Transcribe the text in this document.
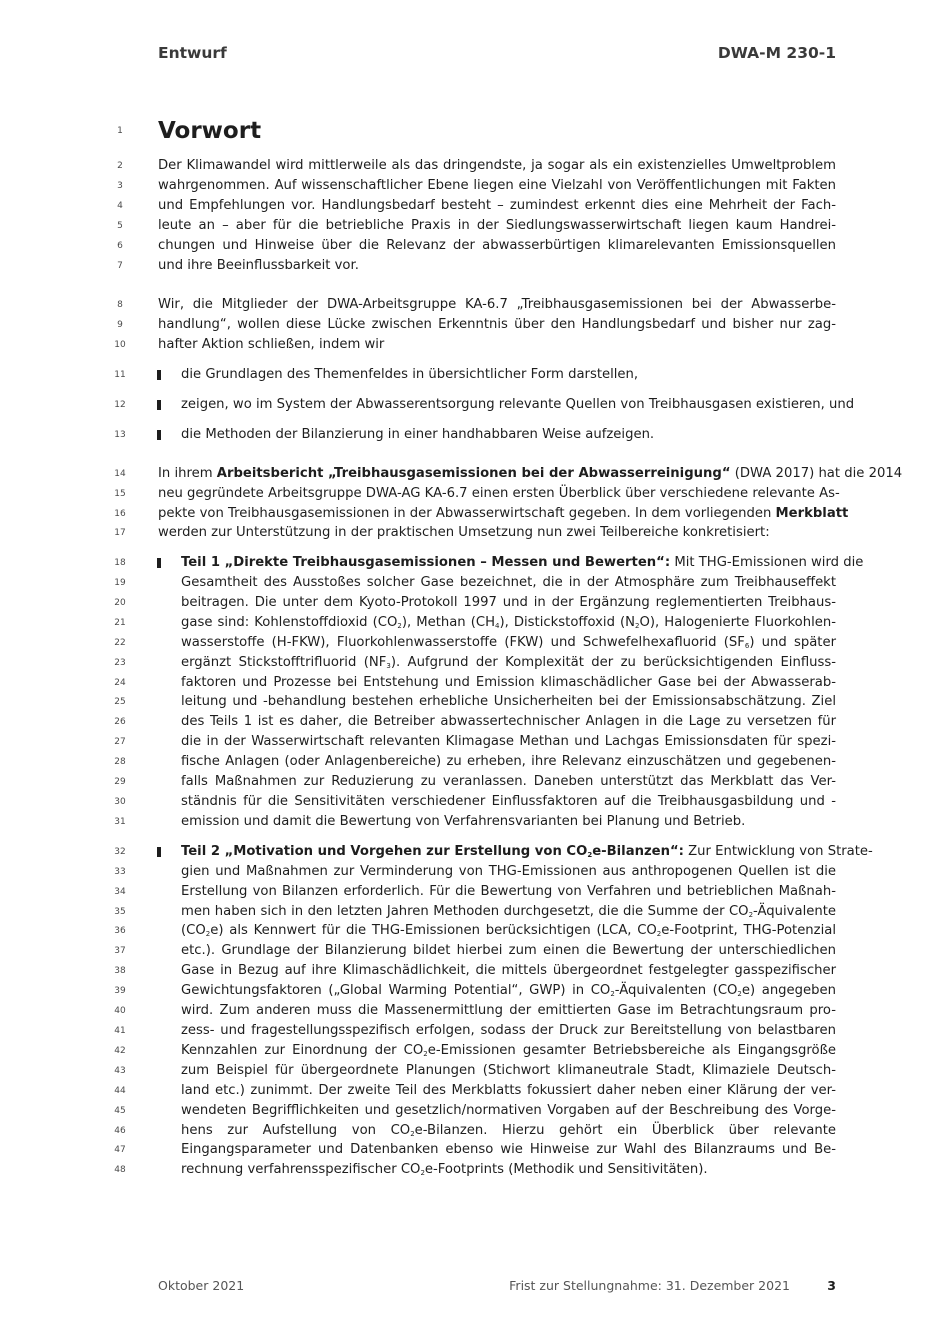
Entwurf	DWA-M 230-1
1
2
3
4
5
6
7
8
9
10
11
12
13
14
15
16
17
18
19
20
21
22
23
24
25
26
27
28
29
30
31
32
33
34
35
36
37
38
39
40
41
42
43
44
45
46
47
48
Vorwort
Der Klimawandel wird mittlerweile als das dringendste, ja sogar als ein existenzielles Umweltproblem
wahrgenommen. Auf wissenschaftlicher Ebene liegen eine Vielzahl von Veröffentlichungen mit Fakten
und Empfehlungen vor. Handlungsbedarf besteht – zumindest erkennt dies eine Mehrheit der Fach-
leute an – aber für die betriebliche Praxis in der Siedlungswasserwirtschaft liegen kaum Handrei-
chungen und Hinweise über die Relevanz der abwasserbürtigen klimarelevanten Emissionsquellen
und ihre Beeinflussbarkeit vor.
Wir, die Mitglieder der DWA-Arbeitsgruppe KA-6.7 „Treibhausgasemissionen bei der Abwasserbe-
handlung“, wollen diese Lücke zwischen Erkenntnis über den Handlungsbedarf und bisher nur zag-
hafter Aktion schließen, indem wir
die Grundlagen des Themenfeldes in übersichtlicher Form darstellen,
zeigen, wo im System der Abwasserentsorgung relevante Quellen von Treibhausgasen existieren, und
die Methoden der Bilanzierung in einer handhabbaren Weise aufzeigen.
In ihrem Arbeitsbericht „Treibhausgasemissionen bei der Abwasserreinigung“ (DWA 2017) hat die 2014
neu gegründete Arbeitsgruppe DWA-AG KA-6.7 einen ersten Überblick über verschiedene relevante As-
pekte von Treibhausgasemissionen in der Abwasserwirtschaft gegeben. In dem vorliegenden Merkblatt
werden zur Unterstützung in der praktischen Umsetzung nun zwei Teilbereiche konkretisiert:
Teil 1 „Direkte Treibhausgasemissionen – Messen und Bewerten“: Mit THG-Emissionen wird die
Gesamtheit des Ausstoßes solcher Gase bezeichnet, die in der Atmosphäre zum Treibhauseffekt
beitragen. Die unter dem Kyoto-Protokoll 1997 und in der Ergänzung reglementierten Treibhaus-
gase sind: Kohlenstoffdioxid $(CO_2)$, Methan $(CH_4)$, Distickstoffoxid $(N_2O)$, Halogenierte Fluorkohlen-
wasserstoffe (H-FKW), Fluorkohlenwasserstoffe (FKW) und Schwefelhexafluorid $(SF_6)$ und später
ergänzt Stickstofftrifluorid $(NF_3)$. Aufgrund der Komplexität der zu berücksichtigenden Einfluss-
faktoren und Prozesse bei Entstehung und Emission klimaschädlicher Gase bei der Abwasserab-
leitung und -behandlung bestehen erhebliche Unsicherheiten bei der Emissionsabschätzung. Ziel
des Teils 1 ist es daher, die Betreiber abwassertechnischer Anlagen in die Lage zu versetzen für
die in der Wasserwirtschaft relevanten Klimagase Methan und Lachgas Emissionsdaten für spezi-
fische Anlagen (oder Anlagenbereiche) zu erheben, ihre Relevanz einzuschätzen und gegebenen-
falls Maßnahmen zur Reduzierung zu veranlassen. Daneben unterstützt das Merkblatt das Ver-
ständnis für die Sensitivitäten verschiedener Einflussfaktoren auf die Treibhausgasbildung und -
emission und damit die Bewertung von Verfahrensvarianten bei Planung und Betrieb.
Teil 2 „Motivation und Vorgehen zur Erstellung von $CO_2e-Bilanzen“$: Zur Entwicklung von Strate-
gien und Maßnahmen zur Verminderung von THG-Emissionen aus anthropogenen Quellen ist die
Erstellung von Bilanzen erforderlich. Für die Bewertung von Verfahren und betrieblichen Maßnah-
men haben sich in den letzten Jahren Methoden durchgesetzt, die die Summe der $CO_2$-Äquivalente
$(CO_2e)$ als Kennwert für die THG-Emissionen berücksichtigen (LCA, $CO_2e$-Footprint, THG-Potenzial
etc.). Grundlage der Bilanzierung bildet hierbei zum einen die Bewertung der unterschiedlichen
Gase in Bezug auf ihre Klimaschädlichkeit, die mittels übergeordnet festgelegter gasspezifischer
Gewichtungsfaktoren („Global Warming Potential“, GWP) in $CO_2$-Äquivalenten $(CO_2e)$ angegeben
wird. Zum anderen muss die Massenermittlung der emittierten Gase im Betrachtungsraum pro-
zess- und fragestellungsspezifisch erfolgen, sodass der Druck zur Bereitstellung von belastbaren
Kennzahlen zur Einordnung der $CO_2e$-Emissionen gesamter Betriebsbereiche als Eingangsgröße
zum Beispiel für übergeordnete Planungen (Stichwort klimaneutrale Stadt, Klimaziele Deutsch-
land etc.) zunimmt. Der zweite Teil des Merkblatts fokussiert daher neben einer Klärung der ver-
wendeten Begrifflichkeiten und gesetzlich/normativen Vorgaben auf der Beschreibung des Vorge-
hens zur Aufstellung von $CO_2e$-Bilanzen. Hierzu gehört ein Überblick über relevante
Eingangsparameter und Datenbanken ebenso wie Hinweise zur Wahl des Bilanzraums und Be-
rechnung verfahrensspezifischer $CO_2e$-Footprints (Methodik und Sensitivitäten).
Oktober 2021	Frist zur Stellungnahme: 31. Dezember 2021	3
